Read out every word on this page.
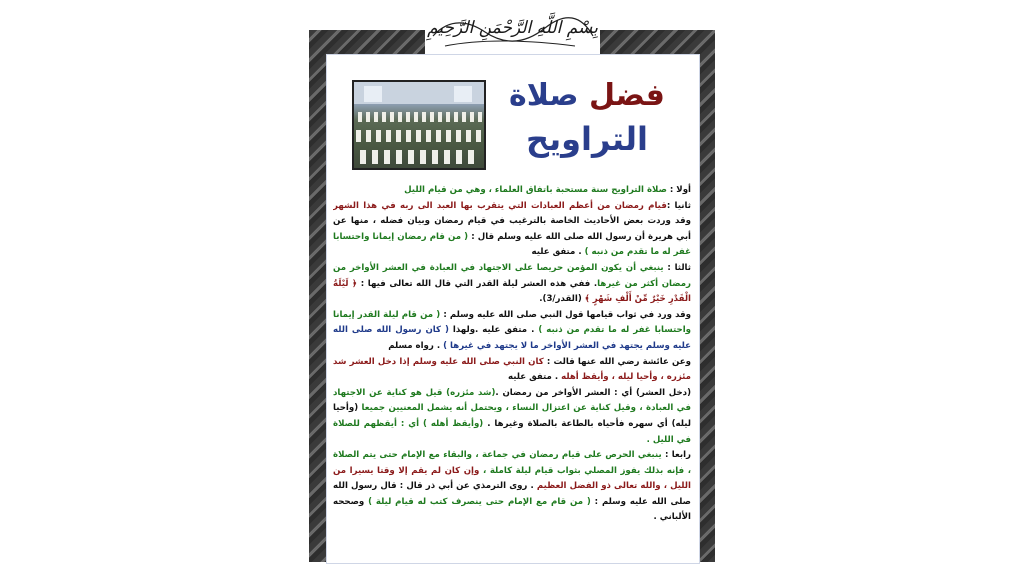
بِسْمِ اللَّهِ الرَّحْمَنِ الرَّحِيمِ
فضل صلاة
التراويح

أولا : صلاة التراويح سنة مستحبة باتفاق العلماء ، وهي من قيام الليل

ثانيا :قيام رمضان من أعظم العبادات التي يتقرب بها العبد الى ربه في هذا الشهر وقد وردت بعض الأحاديث الخاصة بالترغيب في قيام رمضان وبيان فضله ، منها عن أبي هريرة أن رسول الله صلى الله عليه وسلم قال : ( من قام رمضان إيمانا واحتسابا غفر له ما تقدم من ذنبه ) . متفق عليه

ثالثا : ينبغي أن يكون المؤمن حريصا على الاجتهاد في العبادة في العشر الأواخر من رمضان أكثر من غيرها. ففي هذه العشر ليلة القدر التي قال الله تعالى فيها : ﴿ لَيْلَةُ الْقَدْرِ خَيْرٌ مِّنْ أَلْفِ شَهْرٍ ﴾ (القدر/3).

وقد ورد في ثواب قيامها قول النبي صلى الله عليه وسلم : ( من قام ليلة القدر إيمانا واحتسابا غفر له ما تقدم من ذنبه ) . متفق عليه .ولهذا ( كان رسول الله صلى الله عليه وسلم يجتهد في العشر الأواخر ما لا يجتهد في غيرها ) . رواه مسلم

وعن عائشة رضي الله عنها قالت : كان النبي صلى الله عليه وسلم إذا دخل العشر شد مئزره ، وأحيا ليله ، وأيقظ أهله . متفق عليه

(دخل العشر) أي : العشر الأواخر من رمضان .(شد مئزره) قيل هو كناية عن الاجتهاد في العبادة ، وقيل كناية عن اعتزال النساء ، ويحتمل أنه يشمل المعنيين جميعا (وأحيا ليله) أي سهره فأحياه بالطاعة بالصلاة وغيرها . (وأيقظ أهله ) أي : أيقظهم للصلاة في الليل .

رابعا : ينبغي الحرص على قيام رمضان في جماعة ، والبقاء مع الإمام حتى يتم الصلاة ، فإنه بذلك يفوز المصلي بثواب قيام ليلة كاملة ، وإن كان لم يقم إلا وقتا يسيرا من الليل ، والله تعالى ذو الفضل العظيم . روى الترمذي عن أبي ذر قال : قال رسول الله صلى الله عليه وسلم : ( من قام مع الإمام حتى ينصرف كتب له قيام ليلة ) وصححه الألباني .
